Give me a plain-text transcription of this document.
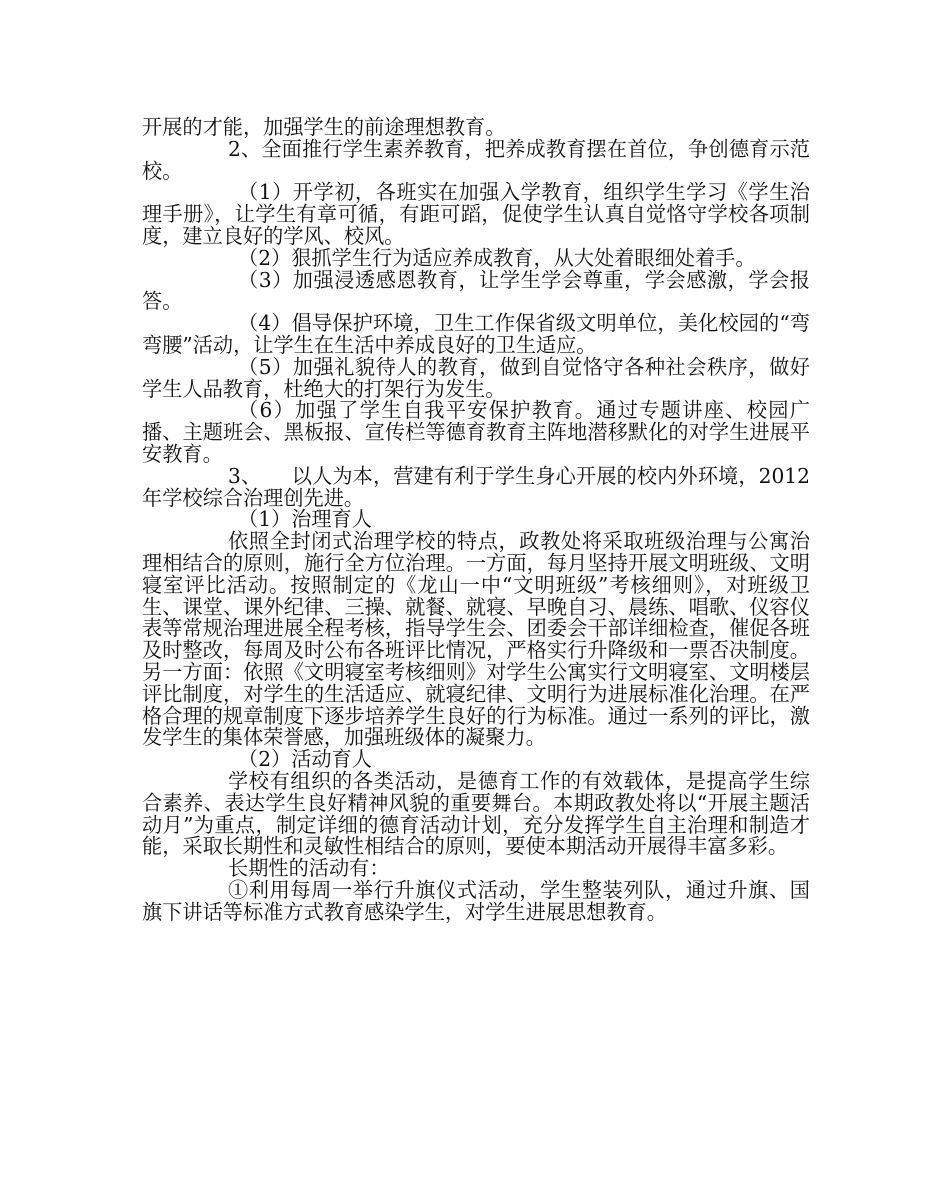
开展的才能，加强学生的前途理想教育。

2、全面推行学生素养教育，把养成教育摆在首位，争创德育示范校。

（1）开学初，各班实在加强入学教育，组织学生学习《学生治理手册》，让学生有章可循，有距可蹈，促使学生认真自觉恪守学校各项制度，建立良好的学风、校风。

（2）狠抓学生行为适应养成教育，从大处着眼细处着手。

（3）加强浸透感恩教育，让学生学会尊重，学会感激，学会报答。

（4）倡导保护环境，卫生工作保省级文明单位，美化校园的“弯弯腰”活动，让学生在生活中养成良好的卫生适应。

（5）加强礼貌待人的教育，做到自觉恪守各种社会秩序，做好学生人品教育，杜绝大的打架行为发生。

（6）加强了学生自我平安保护教育。通过专题讲座、校园广播、主题班会、黑板报、宣传栏等德育教育主阵地潜移默化的对学生进展平安教育。

3、　　以人为本，营建有利于学生身心开展的校内外环境，2012年学校综合治理创先进。

（1）治理育人

依照全封闭式治理学校的特点，政教处将采取班级治理与公寓治理相结合的原则，施行全方位治理。一方面，每月坚持开展文明班级、文明寝室评比活动。按照制定的《龙山一中“文明班级”考核细则》，对班级卫生、课堂、课外纪律、三操、就餐、就寝、早晚自习、晨练、唱歌、仪容仪表等常规治理进展全程考核，指导学生会、团委会干部详细检查，催促各班及时整改，每周及时公布各班评比情况，严格实行升降级和一票否决制度。另一方面：依照《文明寝室考核细则》对学生公寓实行文明寝室、文明楼层评比制度，对学生的生活适应、就寝纪律、文明行为进展标准化治理。在严格合理的规章制度下逐步培养学生良好的行为标准。通过一系列的评比，激发学生的集体荣誉感，加强班级体的凝聚力。

（2）活动育人

学校有组织的各类活动，是德育工作的有效载体，是提高学生综合素养、表达学生良好精神风貌的重要舞台。本期政教处将以“开展主题活动月”为重点，制定详细的德育活动计划，充分发挥学生自主治理和制造才能，采取长期性和灵敏性相结合的原则，要使本期活动开展得丰富多彩。

长期性的活动有：

①利用每周一举行升旗仪式活动，学生整装列队，通过升旗、国旗下讲话等标准方式教育感染学生，对学生进展思想教育。
